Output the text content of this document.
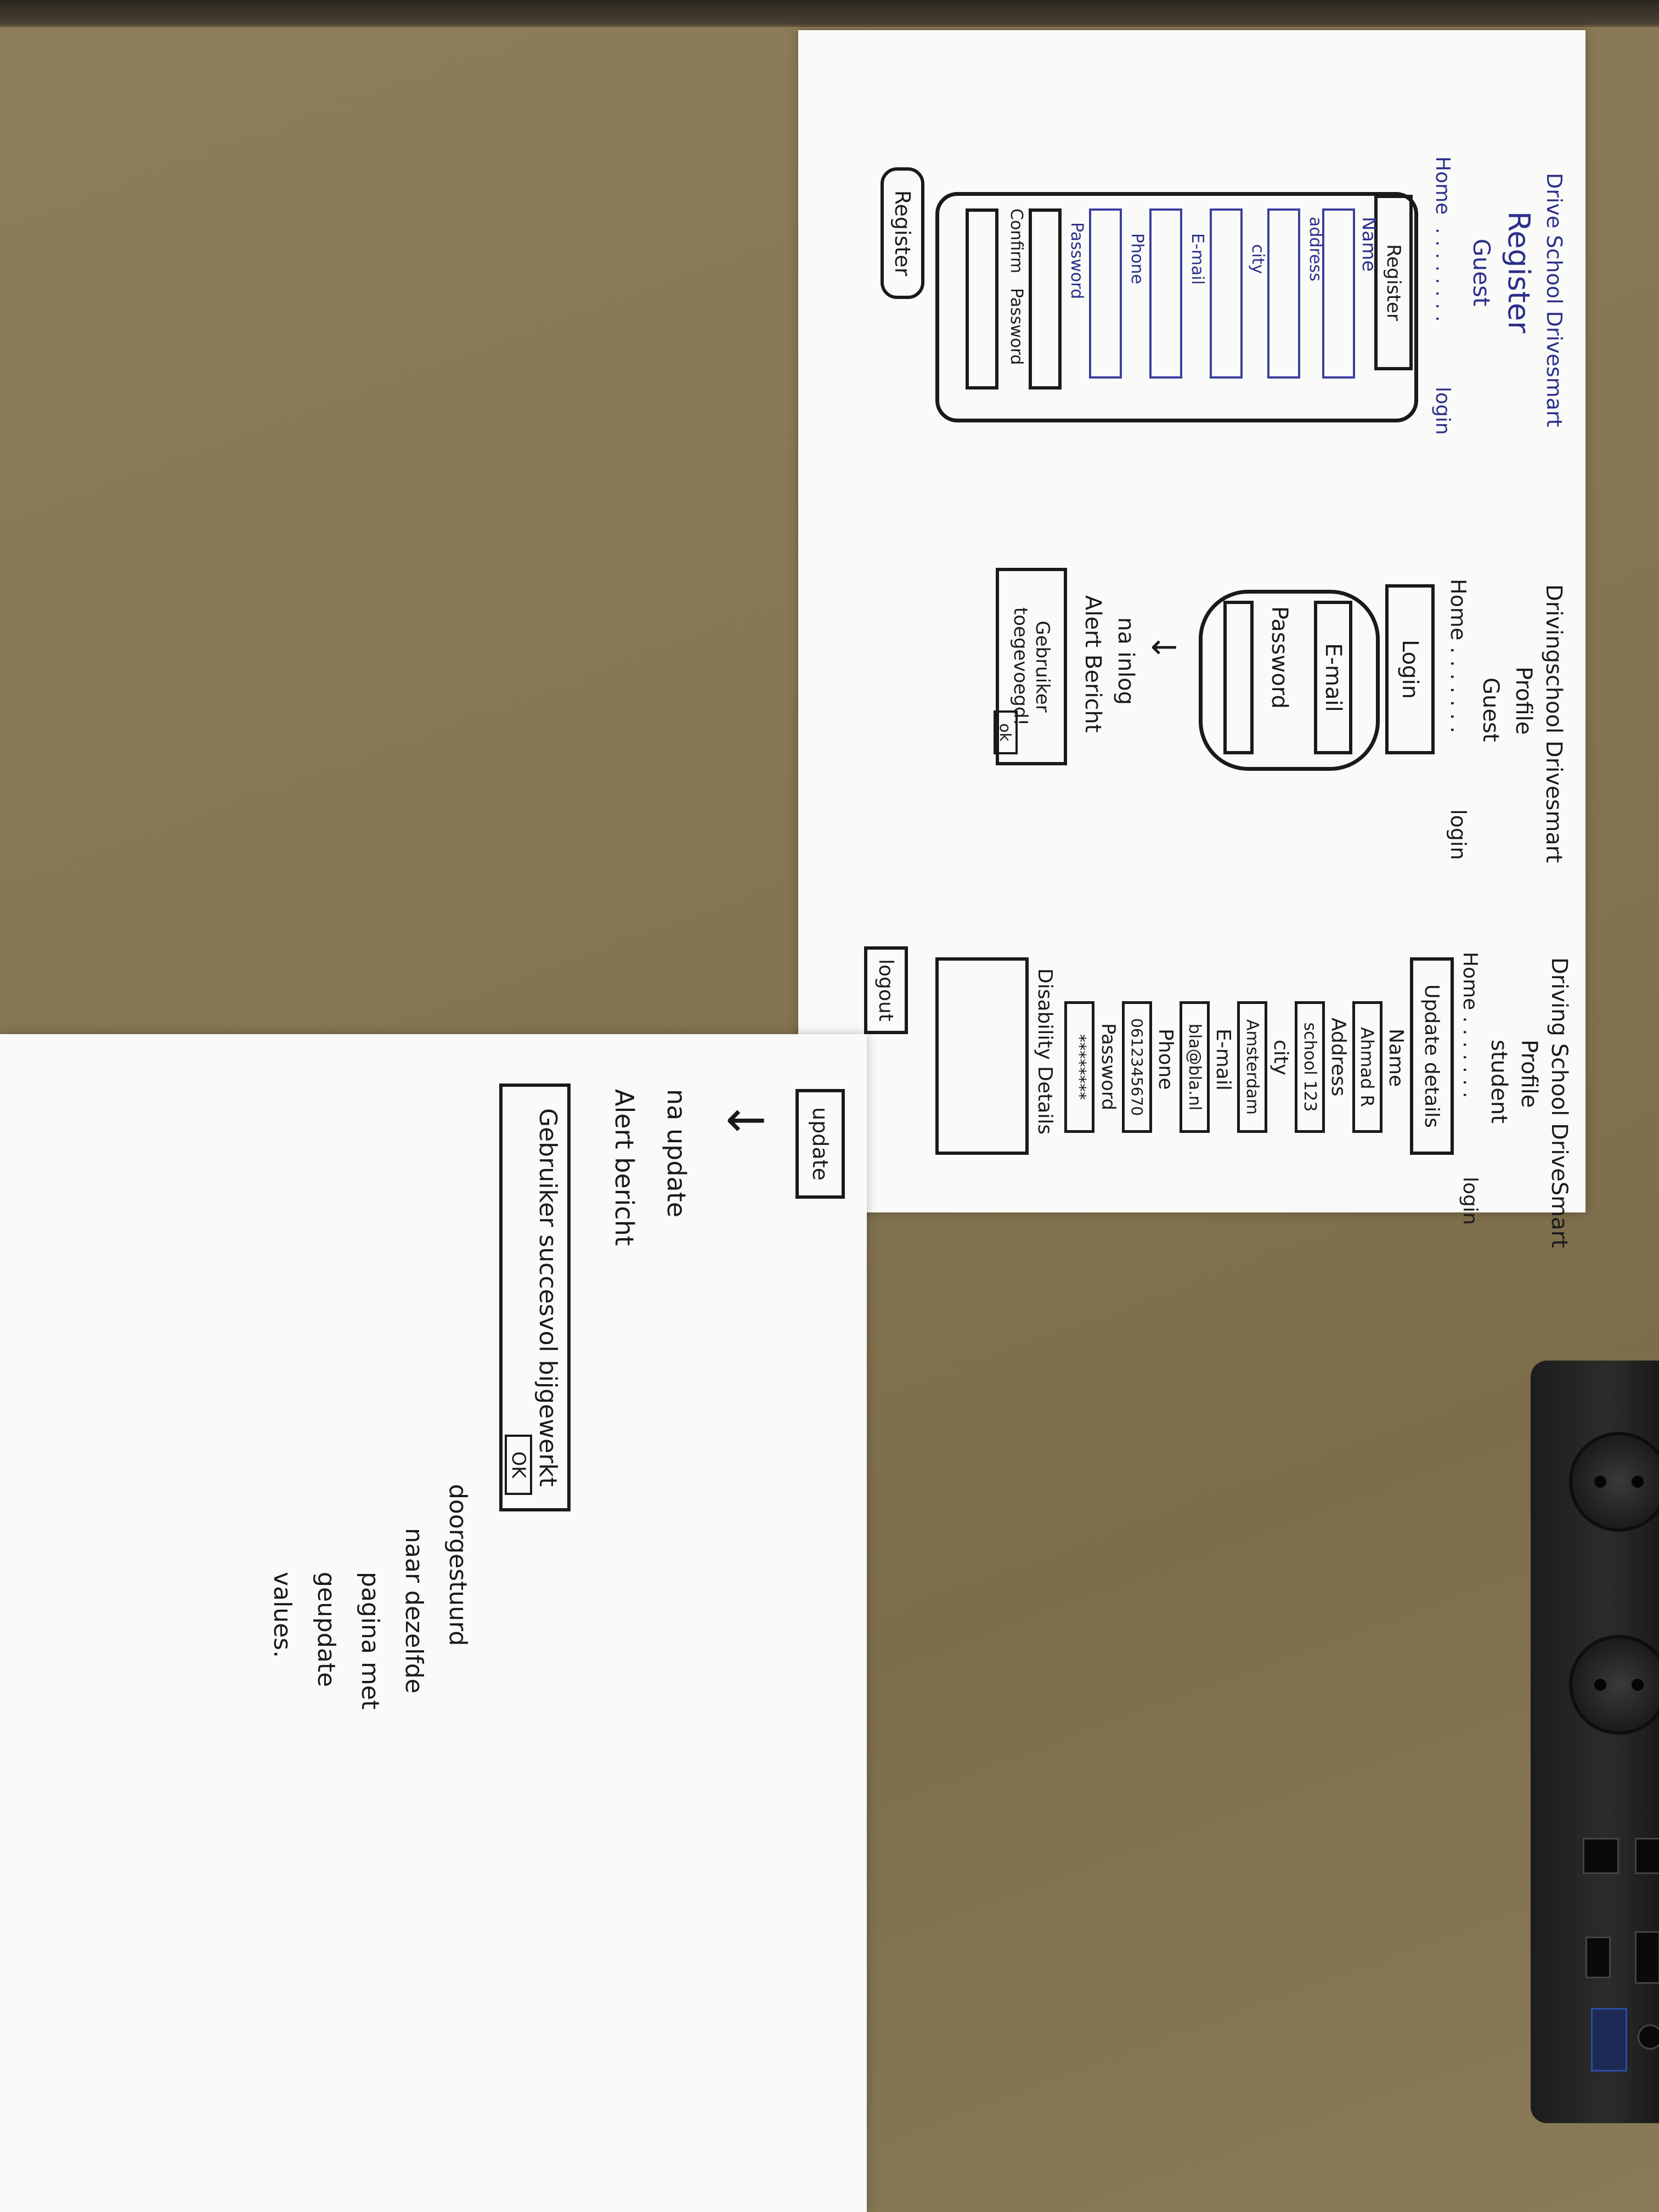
Drive School Drivesmart
Register
Guest
Home
. . . . . . . .
login
Register
Name
address
city
E-mail
Phone
Password
Confirm
Password
Register
Drivingschool Drivesmart
Profile
Guest
Home . . . . . . .
login
Login
E-mail
Password
↓
na inlog
Alert Bericht
Gebruiker
toegevoegd!
ok
Driving School DriveSmart
Profile
student
Home . . . . . . .
login
Update details
Name
Ahmad R
Address
school 123
city
Amsterdam
E-mail
bla@bla.nl
Phone
0612345670
Password
********
Disability Details
logout
update
↓
na update
Alert bericht
Gebruiker succesvol bijgewerkt
OK
doorgestuurd
naar dezelfde
pagina met
geupdate
values.
